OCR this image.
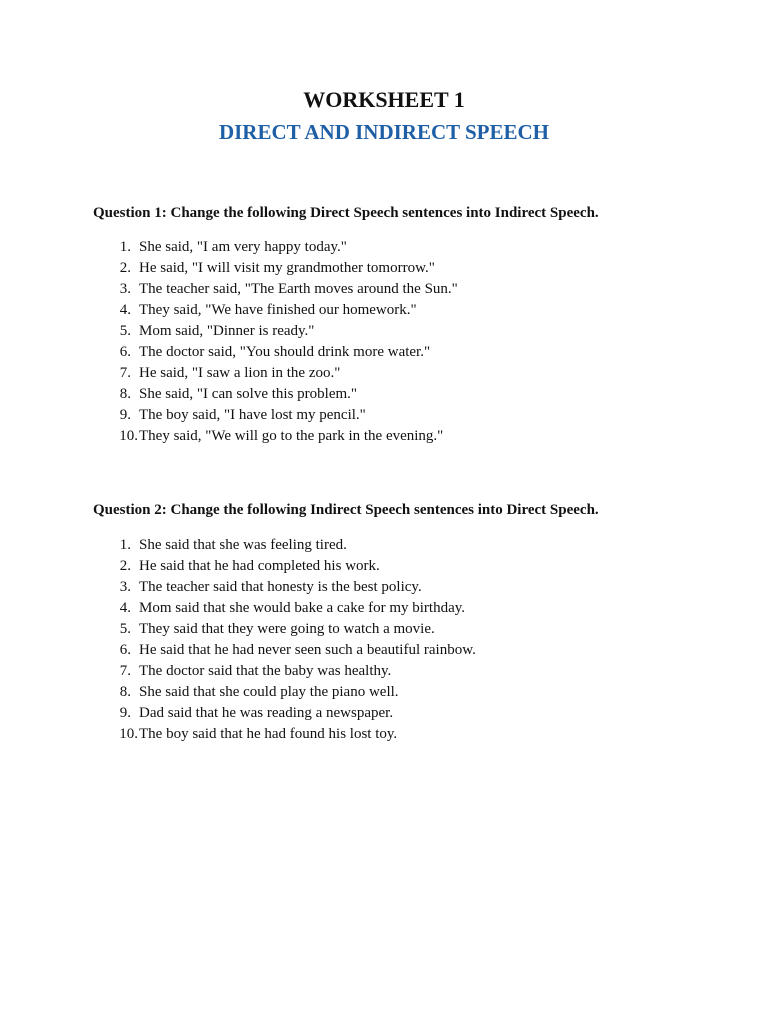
WORKSHEET 1
DIRECT AND INDIRECT SPEECH

Question 1: Change the following Direct Speech sentences into Indirect Speech.

1. She said, "I am very happy today."
2. He said, "I will visit my grandmother tomorrow."
3. The teacher said, "The Earth moves around the Sun."
4. They said, "We have finished our homework."
5. Mom said, "Dinner is ready."
6. The doctor said, "You should drink more water."
7. He said, "I saw a lion in the zoo."
8. She said, "I can solve this problem."
9. The boy said, "I have lost my pencil."
10. They said, "We will go to the park in the evening."

Question 2: Change the following Indirect Speech sentences into Direct Speech.

1. She said that she was feeling tired.
2. He said that he had completed his work.
3. The teacher said that honesty is the best policy.
4. Mom said that she would bake a cake for my birthday.
5. They said that they were going to watch a movie.
6. He said that he had never seen such a beautiful rainbow.
7. The doctor said that the baby was healthy.
8. She said that she could play the piano well.
9. Dad said that he was reading a newspaper.
10. The boy said that he had found his lost toy.
